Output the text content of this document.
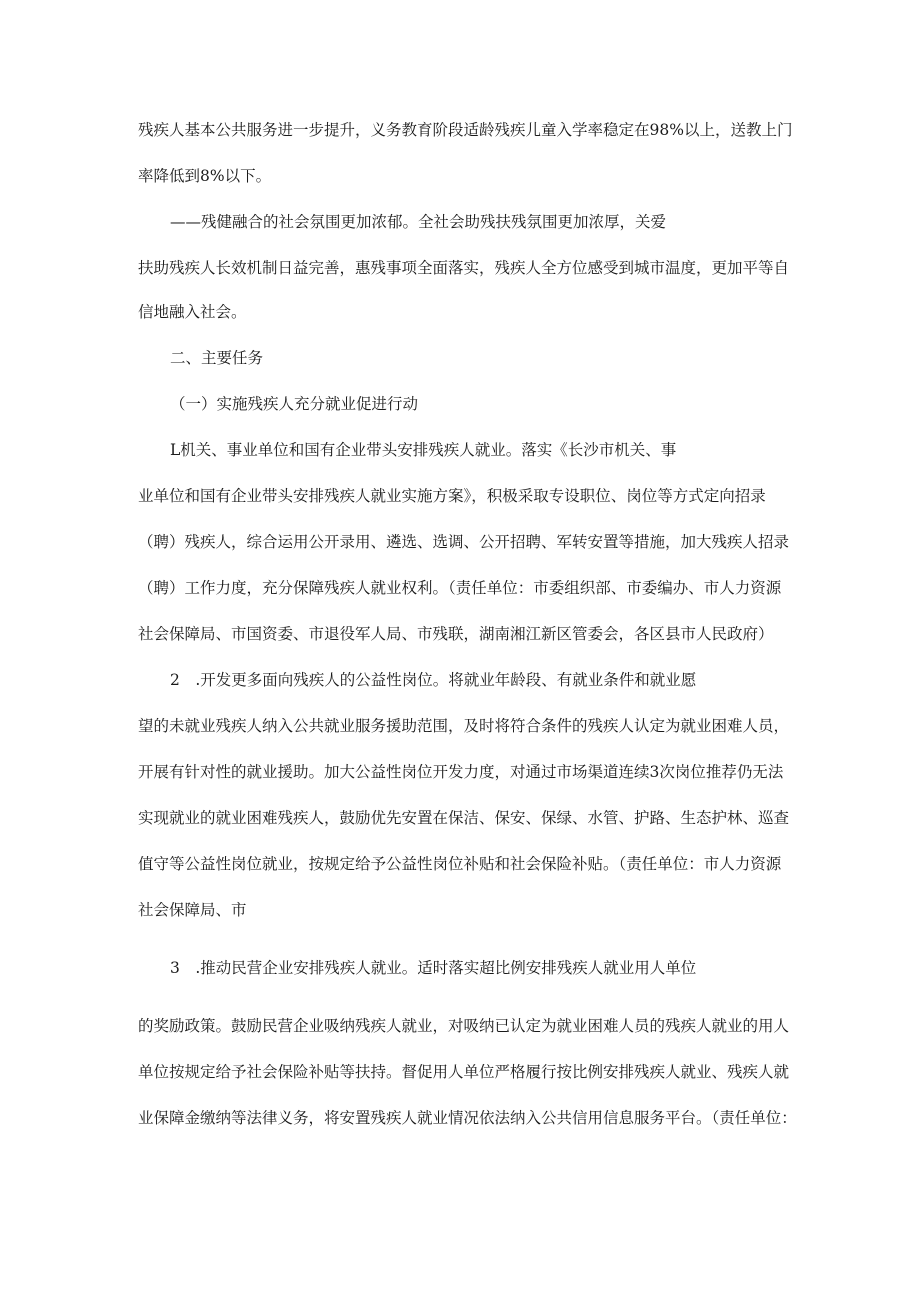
残疾人基本公共服务进一步提升，义务教育阶段适龄残疾儿童入学率稳定在98%以上，送教上门
率降低到8%以下。
——残健融合的社会氛围更加浓郁。全社会助残扶残氛围更加浓厚，关爱
扶助残疾人长效机制日益完善，惠残事项全面落实，残疾人全方位感受到城市温度，更加平等自
信地融入社会。
二、主要任务
（一）实施残疾人充分就业促进行动
L机关、事业单位和国有企业带头安排残疾人就业。落实《长沙市机关、事
业单位和国有企业带头安排残疾人就业实施方案》，积极采取专设职位、岗位等方式定向招录
（聘）残疾人，综合运用公开录用、遴选、选调、公开招聘、军转安置等措施，加大残疾人招录
（聘）工作力度，充分保障残疾人就业权利。（责任单位：市委组织部、市委编办、市人力资源
社会保障局、市国资委、市退役军人局、市残联，湖南湘江新区管委会，各区县市人民政府）
2　.开发更多面向残疾人的公益性岗位。将就业年龄段、有就业条件和就业愿
望的未就业残疾人纳入公共就业服务援助范围，及时将符合条件的残疾人认定为就业困难人员，
开展有针对性的就业援助。加大公益性岗位开发力度，对通过市场渠道连续3次岗位推荐仍无法
实现就业的就业困难残疾人，鼓励优先安置在保洁、保安、保绿、水管、护路、生态护林、巡查
值守等公益性岗位就业，按规定给予公益性岗位补贴和社会保险补贴。（责任单位：市人力资源
社会保障局、市
3　.推动民营企业安排残疾人就业。适时落实超比例安排残疾人就业用人单位
的奖励政策。鼓励民营企业吸纳残疾人就业，对吸纳已认定为就业困难人员的残疾人就业的用人
单位按规定给予社会保险补贴等扶持。督促用人单位严格履行按比例安排残疾人就业、残疾人就
业保障金缴纳等法律义务，将安置残疾人就业情况依法纳入公共信用信息服务平台。（责任单位：
